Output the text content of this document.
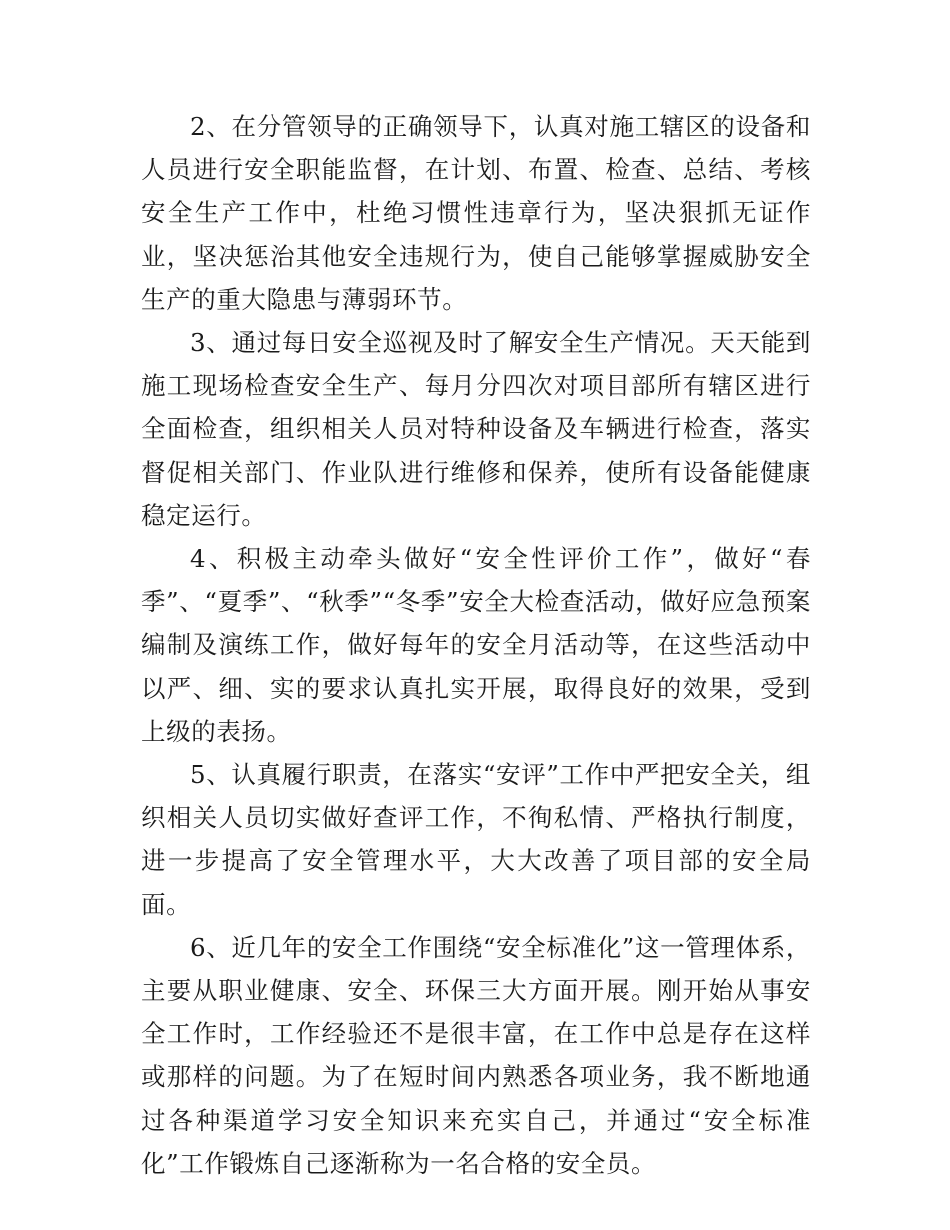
2、在分管领导的正确领导下，认真对施工辖区的设备和人员进行安全职能监督，在计划、布置、检查、总结、考核安全生产工作中，杜绝习惯性违章行为，坚决狠抓无证作业，坚决惩治其他安全违规行为，使自己能够掌握威胁安全生产的重大隐患与薄弱环节。

3、通过每日安全巡视及时了解安全生产情况。天天能到施工现场检查安全生产、每月分四次对项目部所有辖区进行全面检查，组织相关人员对特种设备及车辆进行检查，落实督促相关部门、作业队进行维修和保养，使所有设备能健康稳定运行。

4、积极主动牵头做好“安全性评价工作”，做好“春季”、“夏季”、“秋季”“冬季”安全大检查活动，做好应急预案编制及演练工作，做好每年的安全月活动等，在这些活动中以严、细、实的要求认真扎实开展，取得良好的效果，受到上级的表扬。

5、认真履行职责，在落实“安评”工作中严把安全关，组织相关人员切实做好查评工作，不徇私情、严格执行制度，进一步提高了安全管理水平，大大改善了项目部的安全局面。

6、近几年的安全工作围绕“安全标准化”这一管理体系，主要从职业健康、安全、环保三大方面开展。刚开始从事安全工作时，工作经验还不是很丰富，在工作中总是存在这样或那样的问题。为了在短时间内熟悉各项业务，我不断地通过各种渠道学习安全知识来充实自己，并通过“安全标准化”工作锻炼自己逐渐称为一名合格的安全员。
